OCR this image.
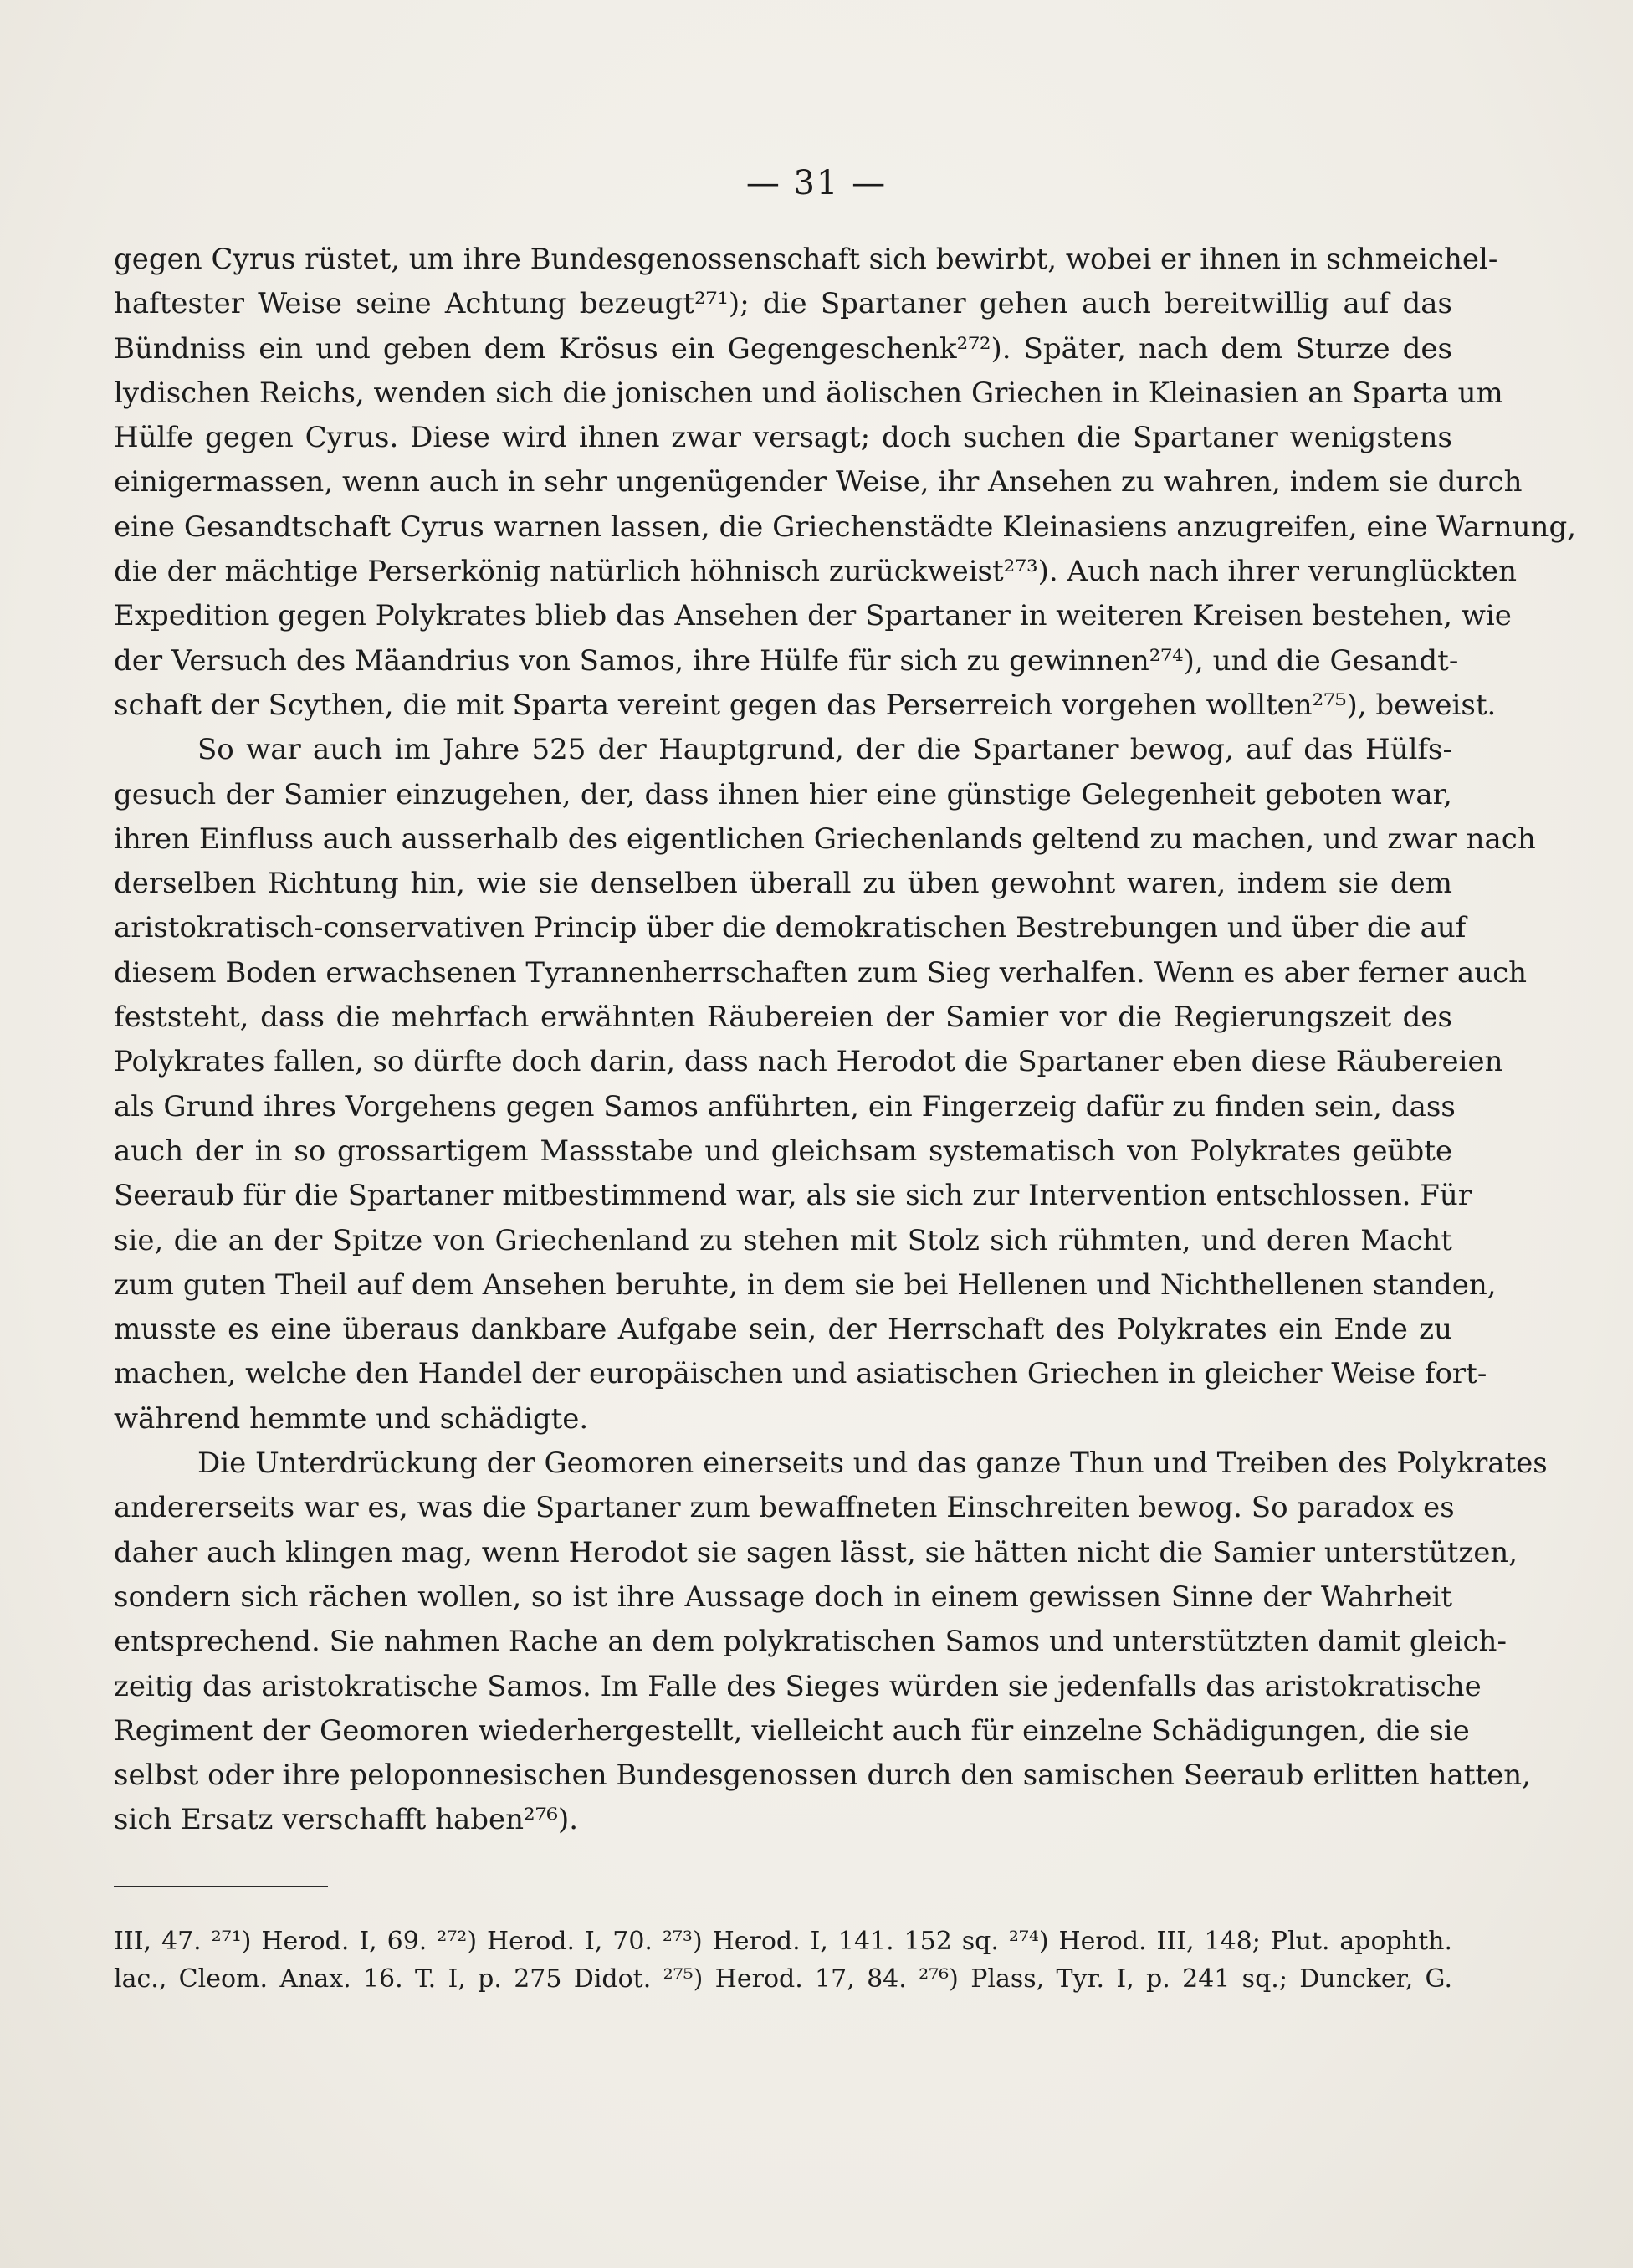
— 31 —
gegen Cyrus rüstet, um ihre Bundesgenossenschaft sich bewirbt, wobei er ihnen in schmeichel-
haftester Weise seine Achtung bezeugt²⁷¹); die Spartaner gehen auch bereitwillig auf das
Bündniss ein und geben dem Krösus ein Gegengeschenk²⁷²). Später, nach dem Sturze des
lydischen Reichs, wenden sich die jonischen und äolischen Griechen in Kleinasien an Sparta um
Hülfe gegen Cyrus. Diese wird ihnen zwar versagt; doch suchen die Spartaner wenigstens
einigermassen, wenn auch in sehr ungenügender Weise, ihr Ansehen zu wahren, indem sie durch
eine Gesandtschaft Cyrus warnen lassen, die Griechenstädte Kleinasiens anzugreifen, eine Warnung,
die der mächtige Perserkönig natürlich höhnisch zurückweist²⁷³). Auch nach ihrer verunglückten
Expedition gegen Polykrates blieb das Ansehen der Spartaner in weiteren Kreisen bestehen, wie
der Versuch des Mäandrius von Samos, ihre Hülfe für sich zu gewinnen²⁷⁴), und die Gesandt-
schaft der Scythen, die mit Sparta vereint gegen das Perserreich vorgehen wollten²⁷⁵), beweist.
So war auch im Jahre 525 der Hauptgrund, der die Spartaner bewog, auf das Hülfs-
gesuch der Samier einzugehen, der, dass ihnen hier eine günstige Gelegenheit geboten war,
ihren Einfluss auch ausserhalb des eigentlichen Griechenlands geltend zu machen, und zwar nach
derselben Richtung hin, wie sie denselben überall zu üben gewohnt waren, indem sie dem
aristokratisch-conservativen Princip über die demokratischen Bestrebungen und über die auf
diesem Boden erwachsenen Tyrannenherrschaften zum Sieg verhalfen. Wenn es aber ferner auch
feststeht, dass die mehrfach erwähnten Räubereien der Samier vor die Regierungszeit des
Polykrates fallen, so dürfte doch darin, dass nach Herodot die Spartaner eben diese Räubereien
als Grund ihres Vorgehens gegen Samos anführten, ein Fingerzeig dafür zu finden sein, dass
auch der in so grossartigem Massstabe und gleichsam systematisch von Polykrates geübte
Seeraub für die Spartaner mitbestimmend war, als sie sich zur Intervention entschlossen. Für
sie, die an der Spitze von Griechenland zu stehen mit Stolz sich rühmten, und deren Macht
zum guten Theil auf dem Ansehen beruhte, in dem sie bei Hellenen und Nichthellenen standen,
musste es eine überaus dankbare Aufgabe sein, der Herrschaft des Polykrates ein Ende zu
machen, welche den Handel der europäischen und asiatischen Griechen in gleicher Weise fort-
während hemmte und schädigte.
Die Unterdrückung der Geomoren einerseits und das ganze Thun und Treiben des Polykrates
andererseits war es, was die Spartaner zum bewaffneten Einschreiten bewog. So paradox es
daher auch klingen mag, wenn Herodot sie sagen lässt, sie hätten nicht die Samier unterstützen,
sondern sich rächen wollen, so ist ihre Aussage doch in einem gewissen Sinne der Wahrheit
entsprechend. Sie nahmen Rache an dem polykratischen Samos und unterstützten damit gleich-
zeitig das aristokratische Samos. Im Falle des Sieges würden sie jedenfalls das aristokratische
Regiment der Geomoren wiederhergestellt, vielleicht auch für einzelne Schädigungen, die sie
selbst oder ihre peloponnesischen Bundesgenossen durch den samischen Seeraub erlitten hatten,
sich Ersatz verschafft haben²⁷⁶).
III, 47. ²⁷¹) Herod. I, 69. ²⁷²) Herod. I, 70. ²⁷³) Herod. I, 141. 152 sq. ²⁷⁴) Herod. III, 148; Plut. apophth.
lac., Cleom. Anax. 16. T. I, p. 275 Didot. ²⁷⁵) Herod. 17, 84. ²⁷⁶) Plass, Tyr. I, p. 241 sq.; Duncker, G.
